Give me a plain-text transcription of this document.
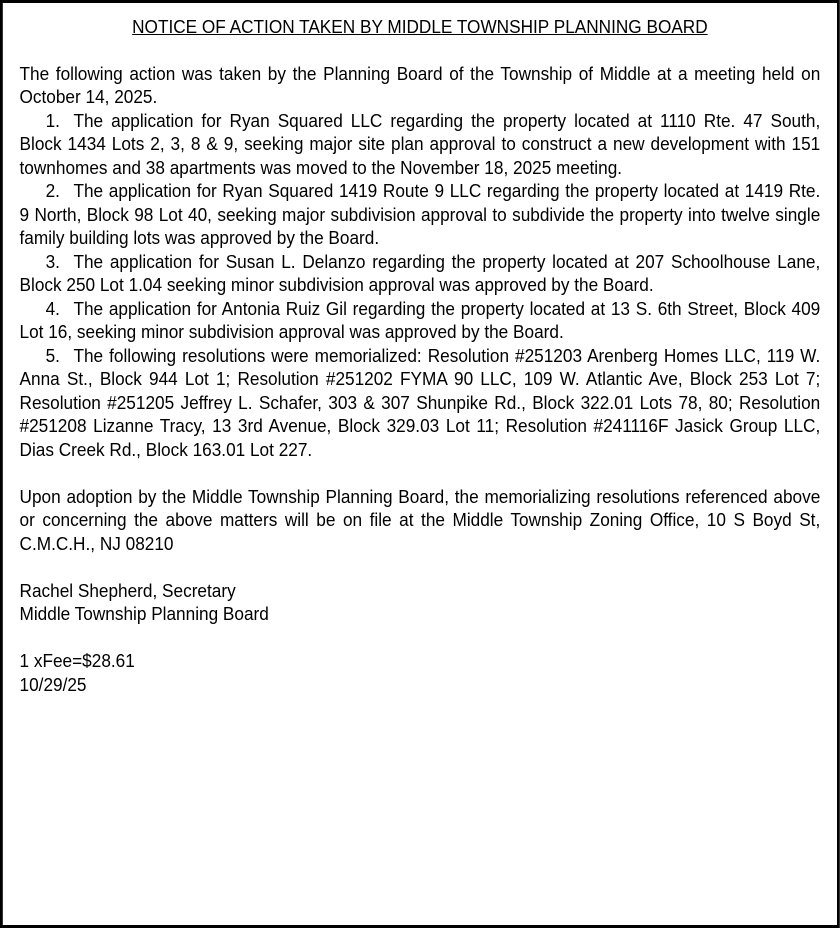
NOTICE OF ACTION TAKEN BY MIDDLE TOWNSHIP PLANNING BOARD

The following action was taken by the Planning Board of the Township of Middle at a meeting held on October 14, 2025.

1. The application for Ryan Squared LLC regarding the property located at 1110 Rte. 47 South, Block 1434 Lots 2, 3, 8 & 9, seeking major site plan approval to construct a new development with 151 townhomes and 38 apartments was moved to the November 18, 2025 meeting.

2. The application for Ryan Squared 1419 Route 9 LLC regarding the property located at 1419 Rte. 9 North, Block 98 Lot 40, seeking major subdivision approval to subdivide the property into twelve single family building lots was approved by the Board.

3. The application for Susan L. Delanzo regarding the property located at 207 Schoolhouse Lane, Block 250 Lot 1.04 seeking minor subdivision approval was approved by the Board.

4. The application for Antonia Ruiz Gil regarding the property located at 13 S. 6th Street, Block 409 Lot 16, seeking minor subdivision approval was approved by the Board.

5. The following resolutions were memorialized: Resolution #251203 Arenberg Homes LLC, 119 W. Anna St., Block 944 Lot 1; Resolution #251202 FYMA 90 LLC, 109 W. Atlantic Ave, Block 253 Lot 7; Resolution #251205 Jeffrey L. Schafer, 303 & 307 Shunpike Rd., Block 322.01 Lots 78, 80; Resolution #251208 Lizanne Tracy, 13 3rd Avenue, Block 329.03 Lot 11; Resolution #241116F Jasick Group LLC, Dias Creek Rd., Block 163.01 Lot 227.

Upon adoption by the Middle Township Planning Board, the memorializing resolutions referenced above or concerning the above matters will be on file at the Middle Township Zoning Office, 10 S Boyd St, C.M.C.H., NJ 08210

Rachel Shepherd, Secretary

Middle Township Planning Board

1 xFee=$28.61

10/29/25
